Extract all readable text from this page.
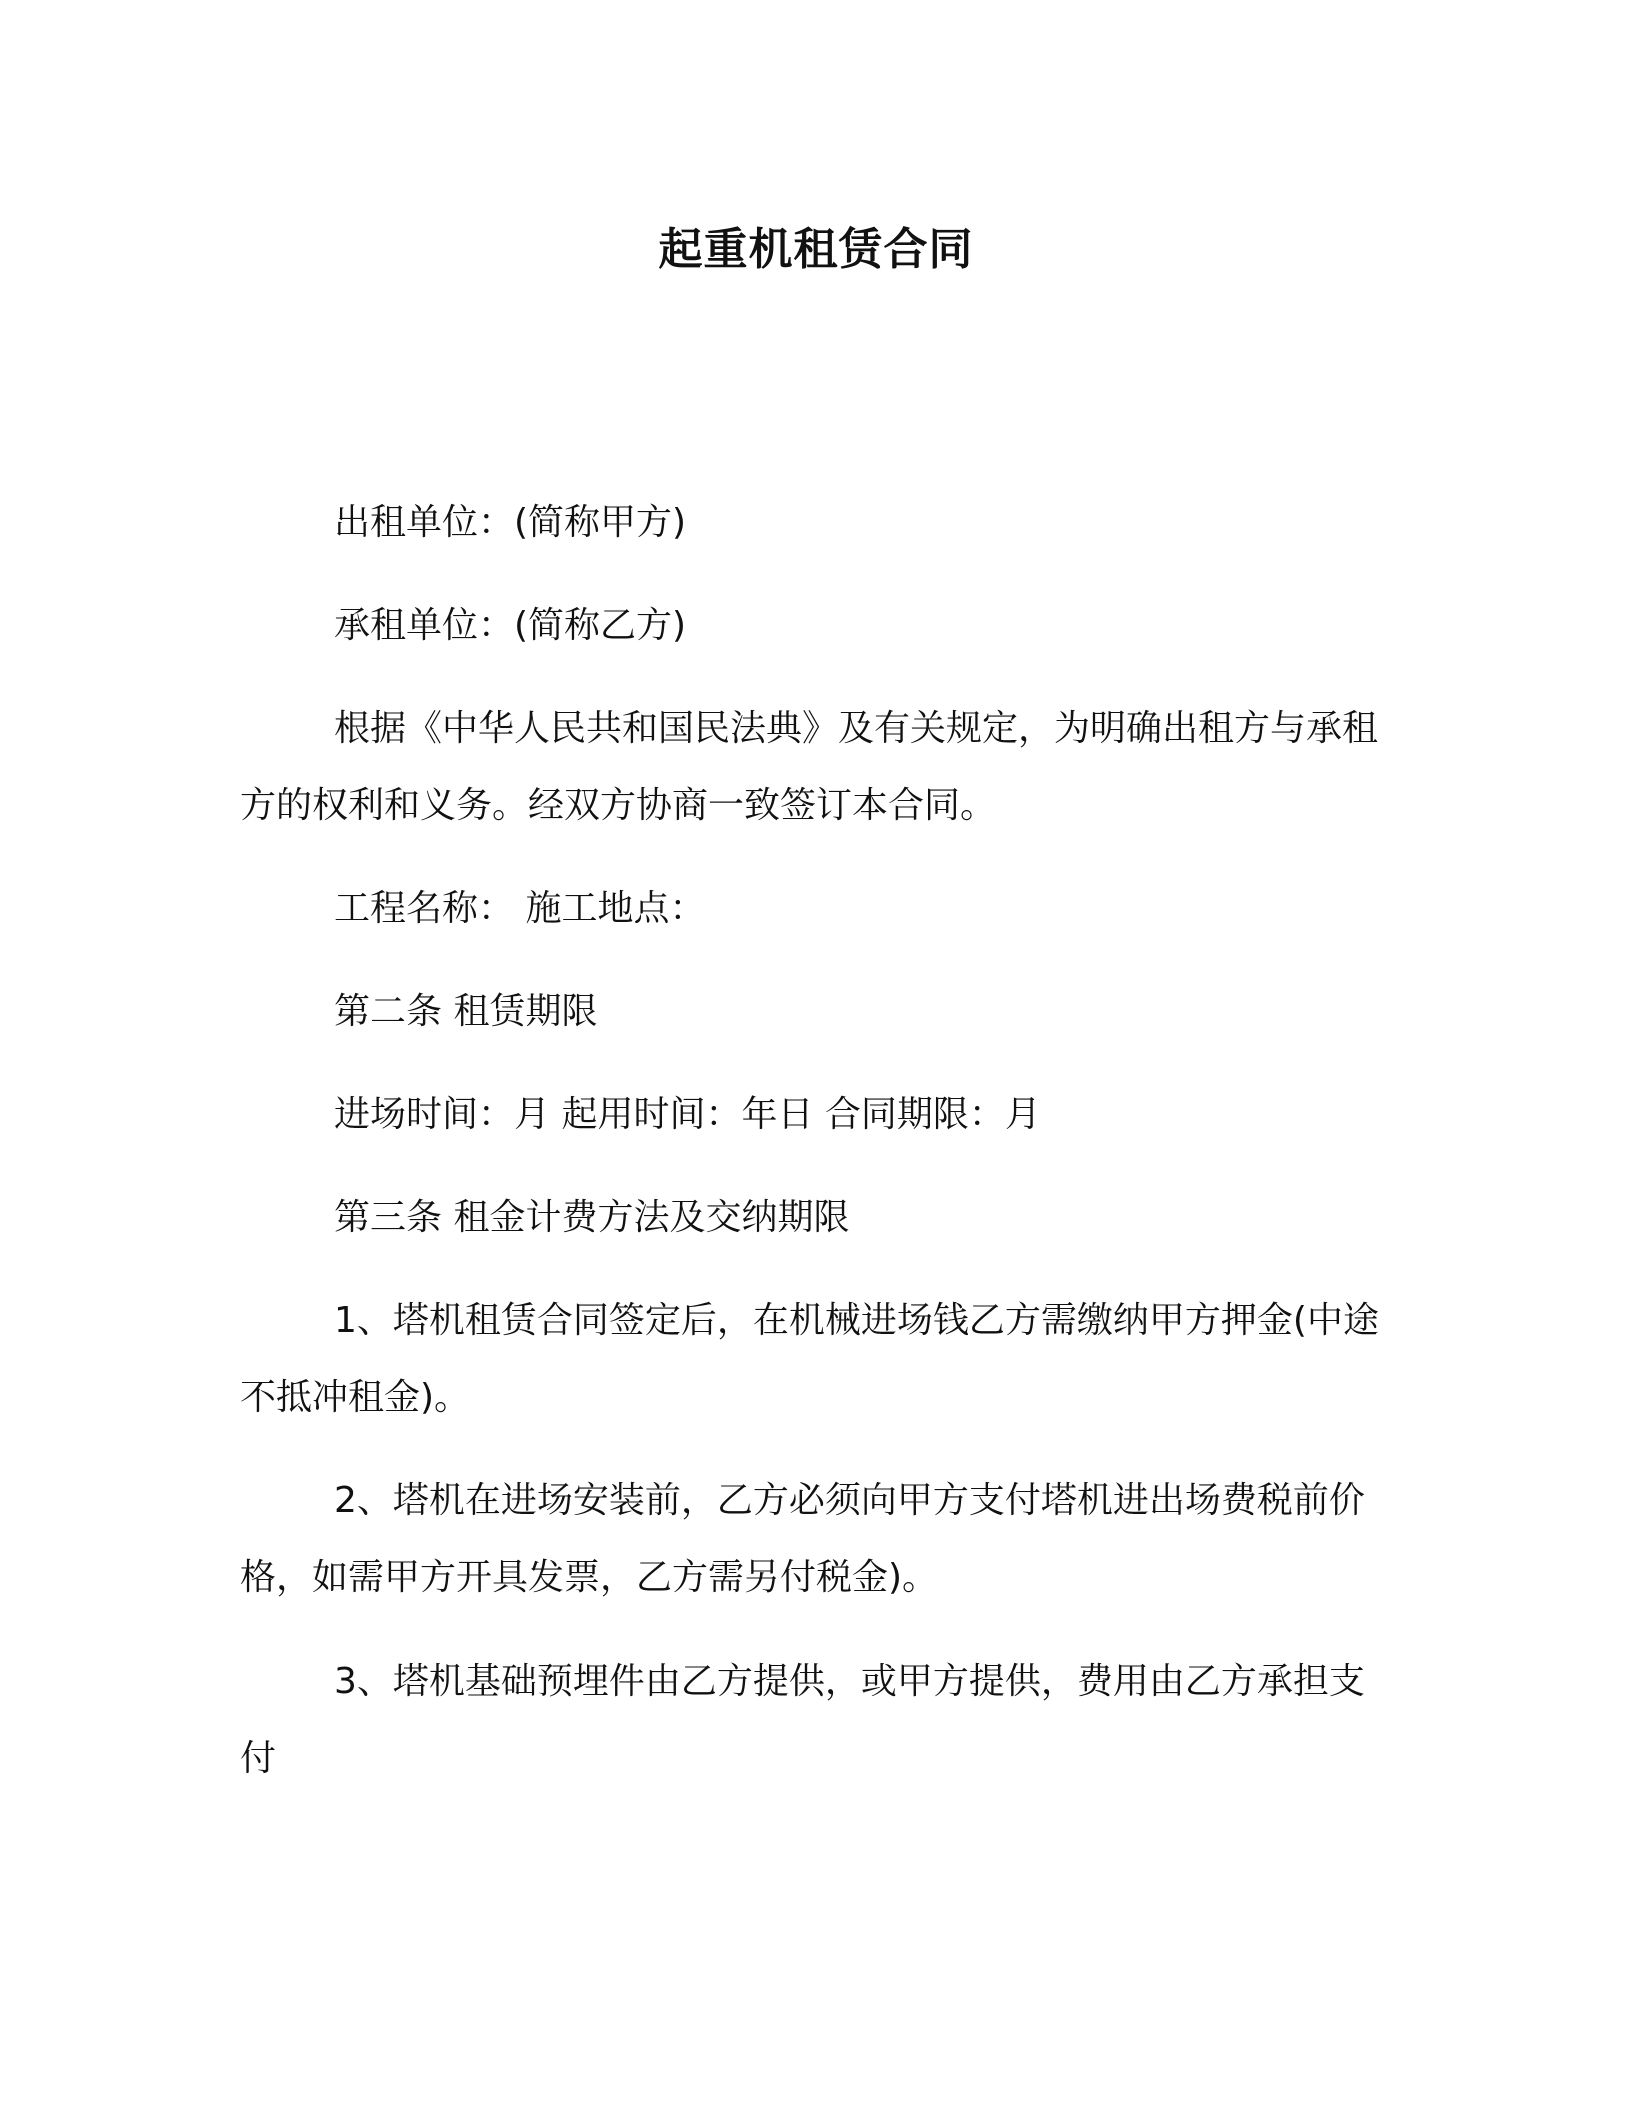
起重机租赁合同

出租单位：(简称甲方)

承租单位：(简称乙方)

根据《中华人民共和国民法典》及有关规定，为明确出租方与承租方的权利和义务。经双方协商一致签订本合同。

工程名称： 施工地点：

第二条 租赁期限

进场时间：月 起用时间：年日 合同期限：月

第三条 租金计费方法及交纳期限

1、塔机租赁合同签定后，在机械进场钱乙方需缴纳甲方押金(中途不抵冲租金)。

2、塔机在进场安装前，乙方必须向甲方支付塔机进出场费税前价格，如需甲方开具发票，乙方需另付税金)。

3、塔机基础预埋件由乙方提供，或甲方提供，费用由乙方承担支付
